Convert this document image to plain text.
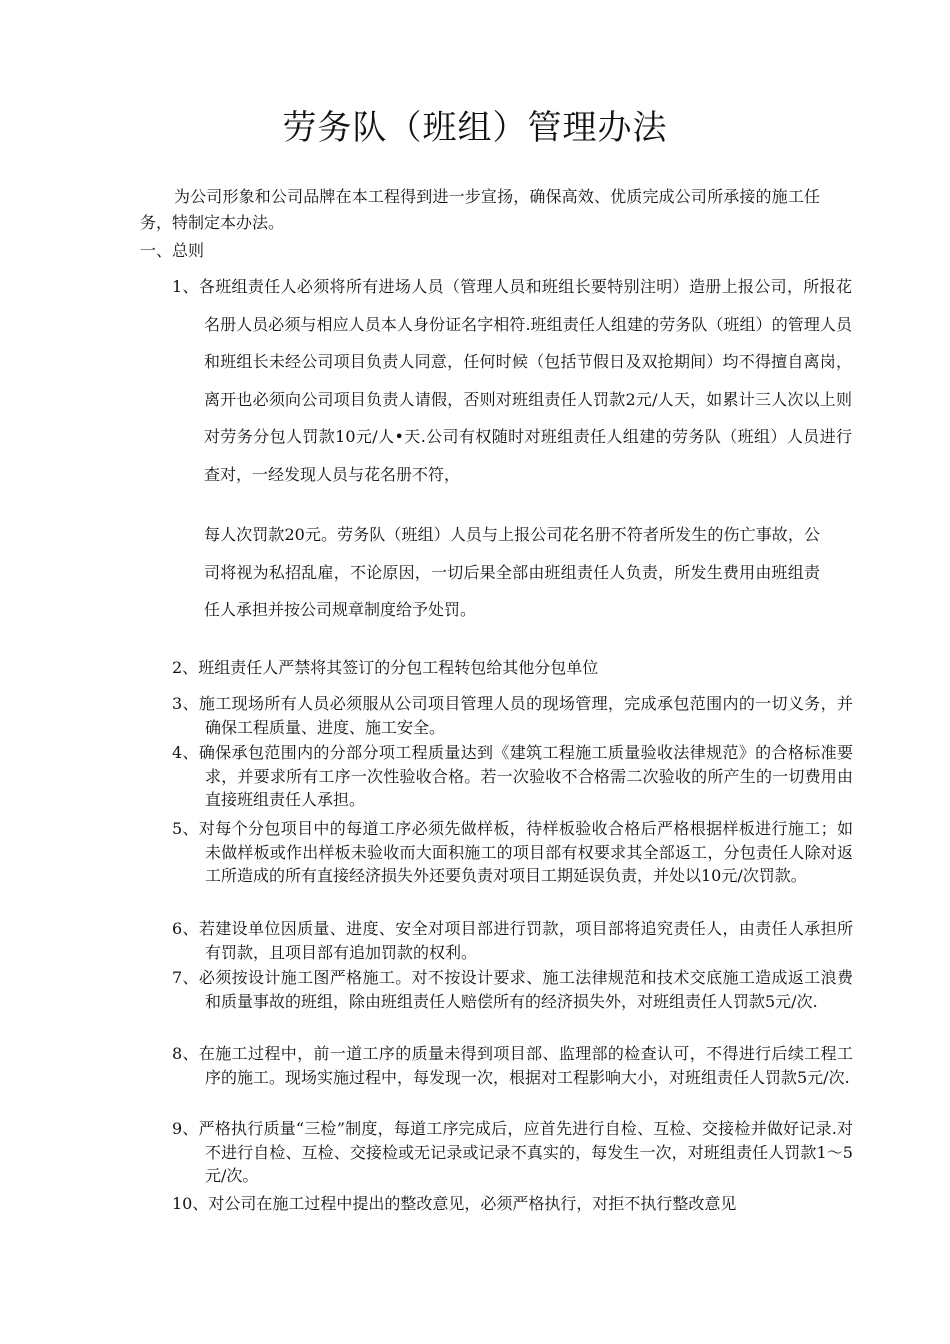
劳务队（班组）管理办法
为公司形象和公司品牌在本工程得到进一步宣扬，确保高效、优质完成公司所承接的施工任务，特制定本办法。
一、总则
1、各班组责任人必须将所有进场人员（管理人员和班组长要特别注明）造册上报公司，所报花名册人员必须与相应人员本人身份证名字相符.班组责任人组建的劳务队（班组）的管理人员和班组长未经公司项目负责人同意，任何时候（包括节假日及双抢期间）均不得擅自离岗，离开也必须向公司项目负责人请假，否则对班组责任人罚款2元/人天，如累计三人次以上则对劳务分包人罚款10元/人•天.公司有权随时对班组责任人组建的劳务队（班组）人员进行查对，一经发现人员与花名册不符，
每人次罚款20元。劳务队（班组）人员与上报公司花名册不符者所发生的伤亡事故，公司将视为私招乱雇，不论原因，一切后果全部由班组责任人负责，所发生费用由班组责任人承担并按公司规章制度给予处罚。
2、班组责任人严禁将其签订的分包工程转包给其他分包单位
3、施工现场所有人员必须服从公司项目管理人员的现场管理，完成承包范围内的一切义务，并确保工程质量、进度、施工安全。
4、确保承包范围内的分部分项工程质量达到《建筑工程施工质量验收法律规范》的合格标准要求，并要求所有工序一次性验收合格。若一次验收不合格需二次验收的所产生的一切费用由直接班组责任人承担。
5、对每个分包项目中的每道工序必须先做样板，待样板验收合格后严格根据样板进行施工；如未做样板或作出样板未验收而大面积施工的项目部有权要求其全部返工，分包责任人除对返工所造成的所有直接经济损失外还要负责对项目工期延误负责，并处以10元/次罚款。
6、若建设单位因质量、进度、安全对项目部进行罚款，项目部将追究责任人，由责任人承担所有罚款，且项目部有追加罚款的权利。
7、必须按设计施工图严格施工。对不按设计要求、施工法律规范和技术交底施工造成返工浪费和质量事故的班组，除由班组责任人赔偿所有的经济损失外，对班组责任人罚款5元/次.
8、在施工过程中，前一道工序的质量未得到项目部、监理部的检查认可，不得进行后续工程工序的施工。现场实施过程中，每发现一次，根据对工程影响大小，对班组责任人罚款5元/次.
9、严格执行质量“三检”制度，每道工序完成后，应首先进行自检、互检、交接检并做好记录.对不进行自检、互检、交接检或无记录或记录不真实的，每发生一次，对班组责任人罚款1〜5元/次。
10、对公司在施工过程中提出的整改意见，必须严格执行，对拒不执行整改意见
